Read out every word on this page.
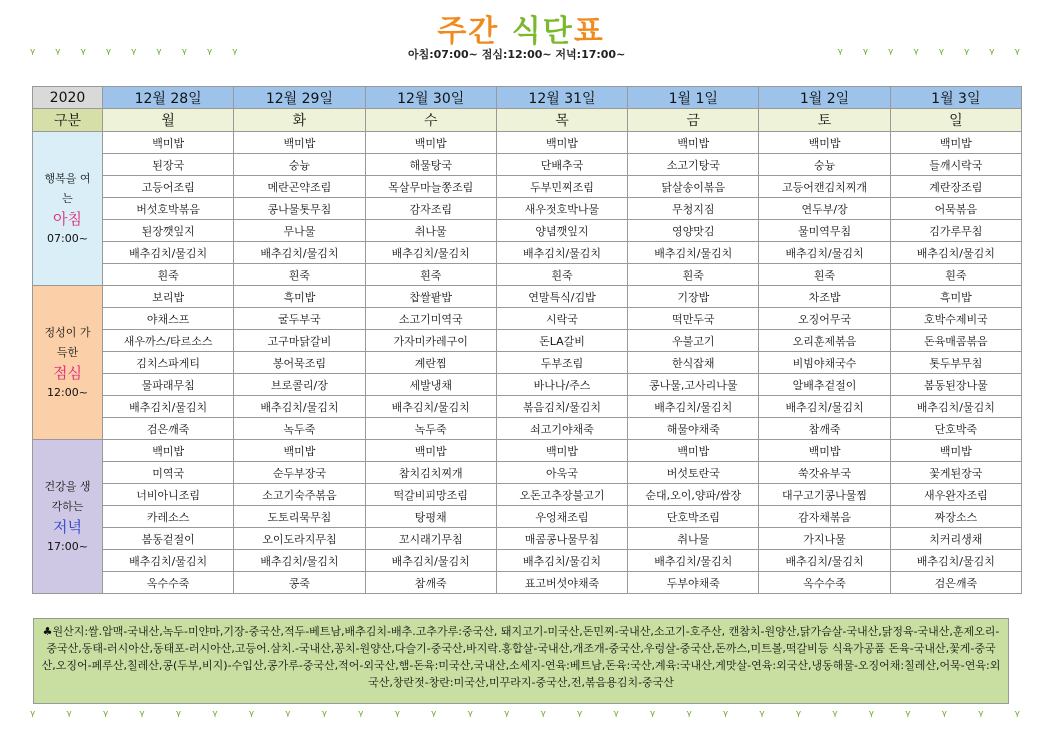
주간 식단표
아침:07:00~ 점심:12:00~ 저녁:17:00~
ᵞ ᵞ ᵞ ᵞ ᵞ ᵞ ᵞ ᵞ ᵞ	ᵞ ᵞ ᵞ ᵞ ᵞ ᵞ ᵞ ᵞ
2020	12월 28일	12월 29일	12월 30일	12월 31일	1월 1일	1월 2일	1월 3일
구분	월	화	수	목	금	토	일

행복을 여는
아침
07:00~	백미밥	백미밥	백미밥	백미밥	백미밥	백미밥	백미밥
	된장국	숭늉	해물탕국	단배추국	소고기탕국	숭늉	들깨시락국
	고등어조림	메란곤약조림	목살무마늘쫑조림	두부민찌조림	닭살송이볶음	고등어캔김치찌개	계란장조림
	버섯호박볶음	콩나물톳무침	감자조림	새우젓호박나물	무청지짐	연두부/장	어묵볶음
	된장깻잎지	무나물	취나물	양념깻잎지	영양맛김	물미역무침	김가루무침
	배추김치/물김치	배추김치/물김치	배추김치/물김치	배추김치/물김치	배추김치/물김치	배추김치/물김치	배추김치/물김치
	흰죽	흰죽	흰죽	흰죽	흰죽	흰죽	흰죽

정성이 가득한
점심
12:00~	보리밥	흑미밥	찹쌀팥밥	연말특식/김밥	기장밥	차조밥	흑미밥
	야채스프	굴두부국	소고기미역국	시락국	떡만두국	오징어무국	호박수제비국
	새우까스/타르소스	고구마닭갈비	가자미카레구이	돈LA갈비	우불고기	오리훈제볶음	돈육매콤볶음
	김치스파게티	봉어묵조림	계란찜	두부조림	한식잡채	비빔야채국수	톳두부무침
	물파래무침	브로콜리/장	세발냉채	바나나/주스	콩나물,고사리나물	알배추겉절이	봄동된장나물
	배추김치/물김치	배추김치/물김치	배추김치/물김치	볶음김치/물김치	배추김치/물김치	배추김치/물김치	배추김치/물김치
	검은깨죽	녹두죽	녹두죽	쇠고기야채죽	해물야채죽	참깨죽	단호박죽

건강을 생각하는
저녁
17:00~	백미밥	백미밥	백미밥	백미밥	백미밥	백미밥	백미밥
	미역국	순두부장국	참치김치찌개	아욱국	버섯토란국	쑥갓유부국	꽃게된장국
	너비아니조림	소고기숙주볶음	떡갈비피망조림	오돈고추장불고기	순대,오이,양파/쌈장	대구고기콩나물찜	새우완자조림
	카레소스	도토리묵무침	탕평채	우엉채조림	단호박조림	감자채볶음	짜장소스
	봄동겉절이	오이도라지무침	꼬시래기무침	매콤콩나물무침	취나물	가지나물	치커리생채
	배추김치/물김치	배추김치/물김치	배추김치/물김치	배추김치/물김치	배추김치/물김치	배추김치/물김치	배추김치/물김치
	옥수수죽	콩죽	참깨죽	표고버섯야채죽	두부야채죽	옥수수죽	검은깨죽
♣원산지:쌀.압맥-국내산,녹두-미얀마,기장-중국산,적두-베트남,배추김치-배추.고추가루:중국산, 돼지고기-미국산,돈민찌-국내산,소고기-호주산, 캔참치-원양산,닭가슴살-국내산,닭정육-국내산,훈제오리-중국산,동태-러시아산,동태포-러시아산,고등어.삼치.-국내산,꽁치-원양산,다슬기-중국산,바지락.홍합살-국내산,개조개-중국산,우렁살-중국산,돈까스,미트볼,떡갈비등 식육가공품 돈육-국내산,꽃게-중국산,오징어-페루산,칠레산,콩(두부,비지)-수입산,콩가루-중국산,적어-외국산,햄-돈육:미국산,국내산,소세지-연육:베트남,돈육:국산,계육:국내산,게맛살-연육:외국산,냉동해물-오징어채:칠레산,어묵-연육:외국산,창란젓-창란:미국산,미꾸라지-중국산,전,볶음용김치-중국산
ᵞ ᵞ ᵞ ᵞ ᵞ ᵞ ᵞ ᵞ ᵞ ᵞ ᵞ ᵞ ᵞ ᵞ ᵞ ᵞ ᵞ ᵞ ᵞ ᵞ ᵞ ᵞ ᵞ ᵞ ᵞ ᵞ ᵞ ᵞ
